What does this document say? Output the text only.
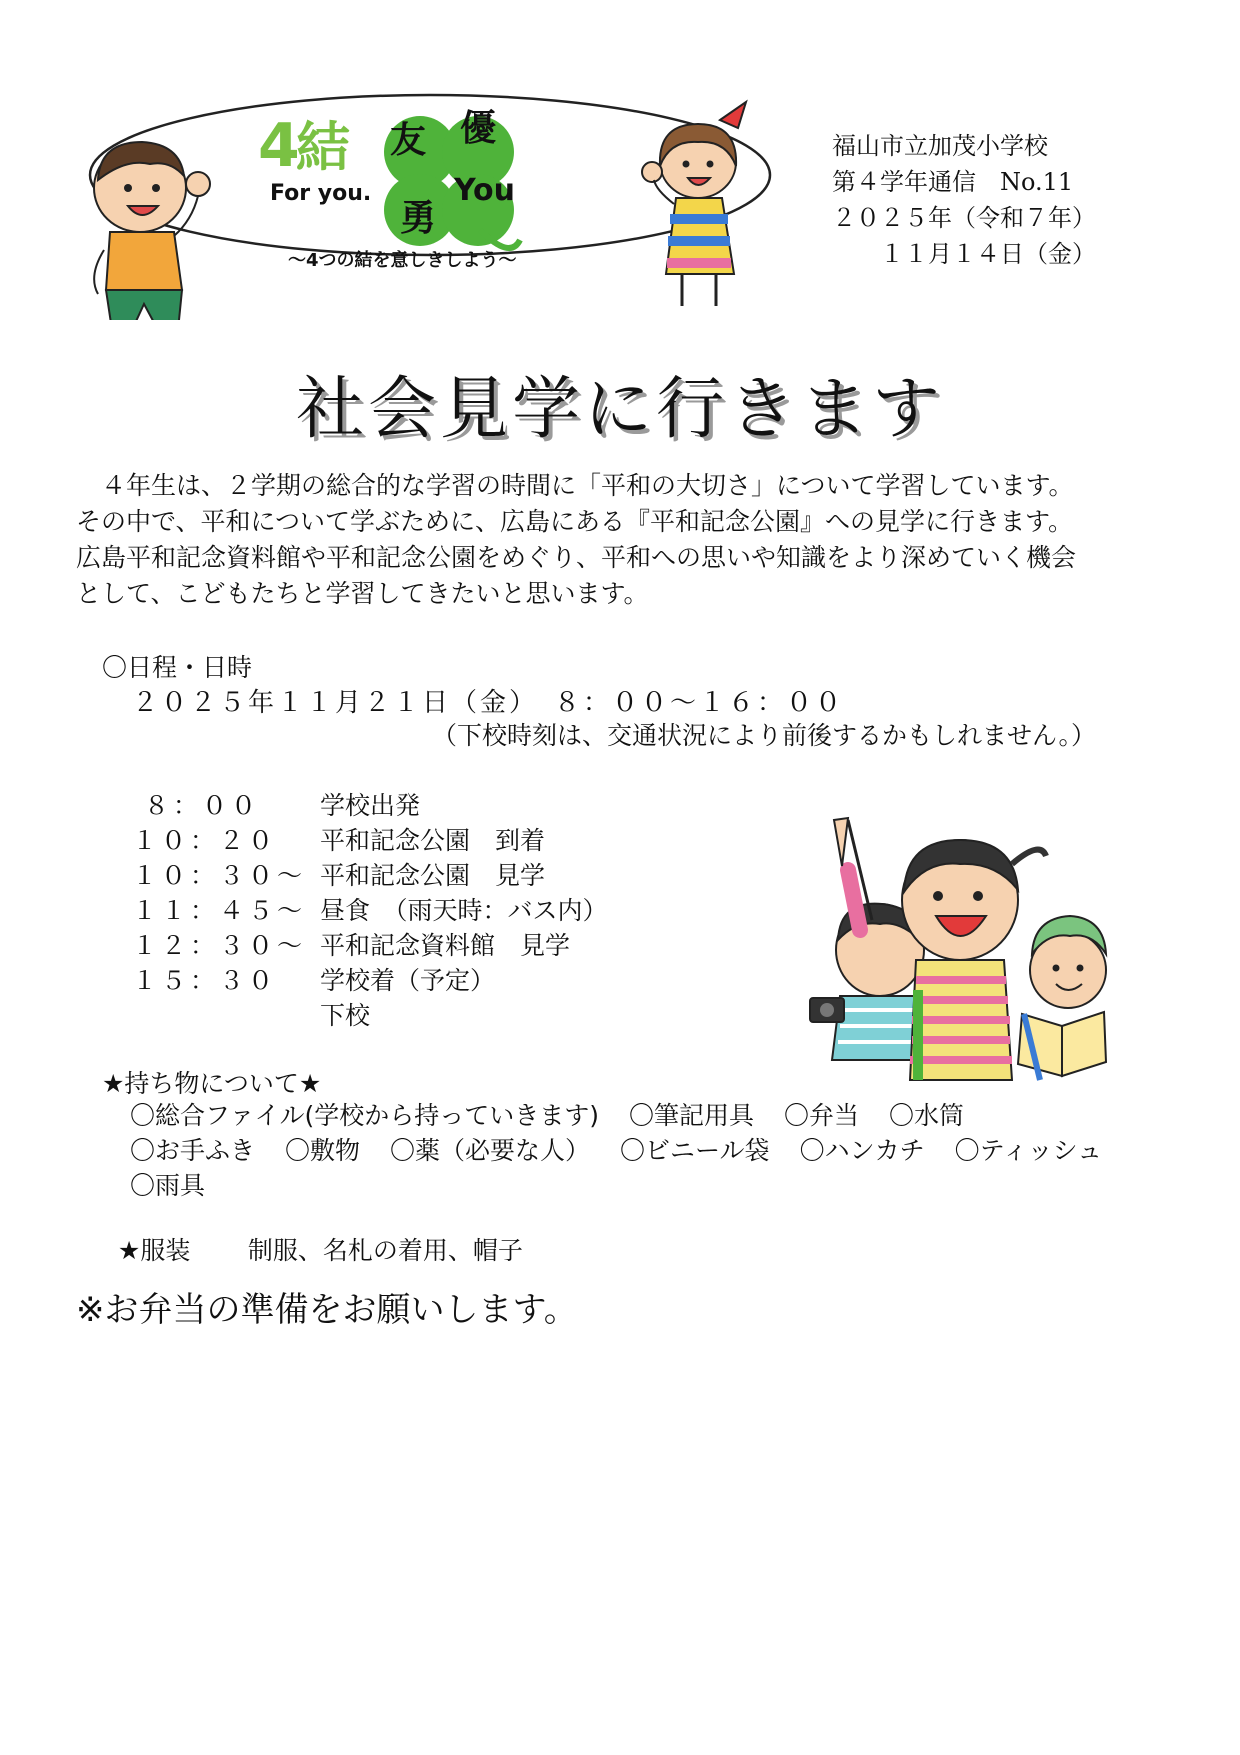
4
結 友 優
勇
For you.	You
〜4つの結を意しきしよう〜
福山市立加茂小学校
第４学年通信　No.11
２０２５年（令和７年）
　　１１月１４日（金）
社会見学に行きます

　４年生は、２学期の総合的な学習の時間に「平和の大切さ」について学習しています。

その中で、平和について学ぶために、広島にある『平和記念公園』への見学に行きます。

広島平和記念資料館や平和記念公園をめぐり、平和への思いや知識をより深めていく機会

として、こどもたちと学習してきたいと思います。

〇日程・日時
２０２５年１１月２１日（金）　８：００〜１６：００
（下校時刻は、交通状況により前後するかもしれません。）
８：００ 学校出発
１０：２０ 平和記念公園　到着
１０：３０〜 平和記念公園　見学
１１：４５〜 昼食　（雨天時：バス内）
１２：３０〜 平和記念資料館　見学
１５：３０ 学校着（予定）
下校
★持ち物について★
〇総合ファイル(学校から持っていきます) 〇筆記用具 〇弁当 〇水筒
〇お手ふき 〇敷物 〇薬（必要な人） 〇ビニール袋 〇ハンカチ 〇ティッシュ
〇雨具

★服装 制服、名札の着用、帽子

※お弁当の準備をお願いします。
